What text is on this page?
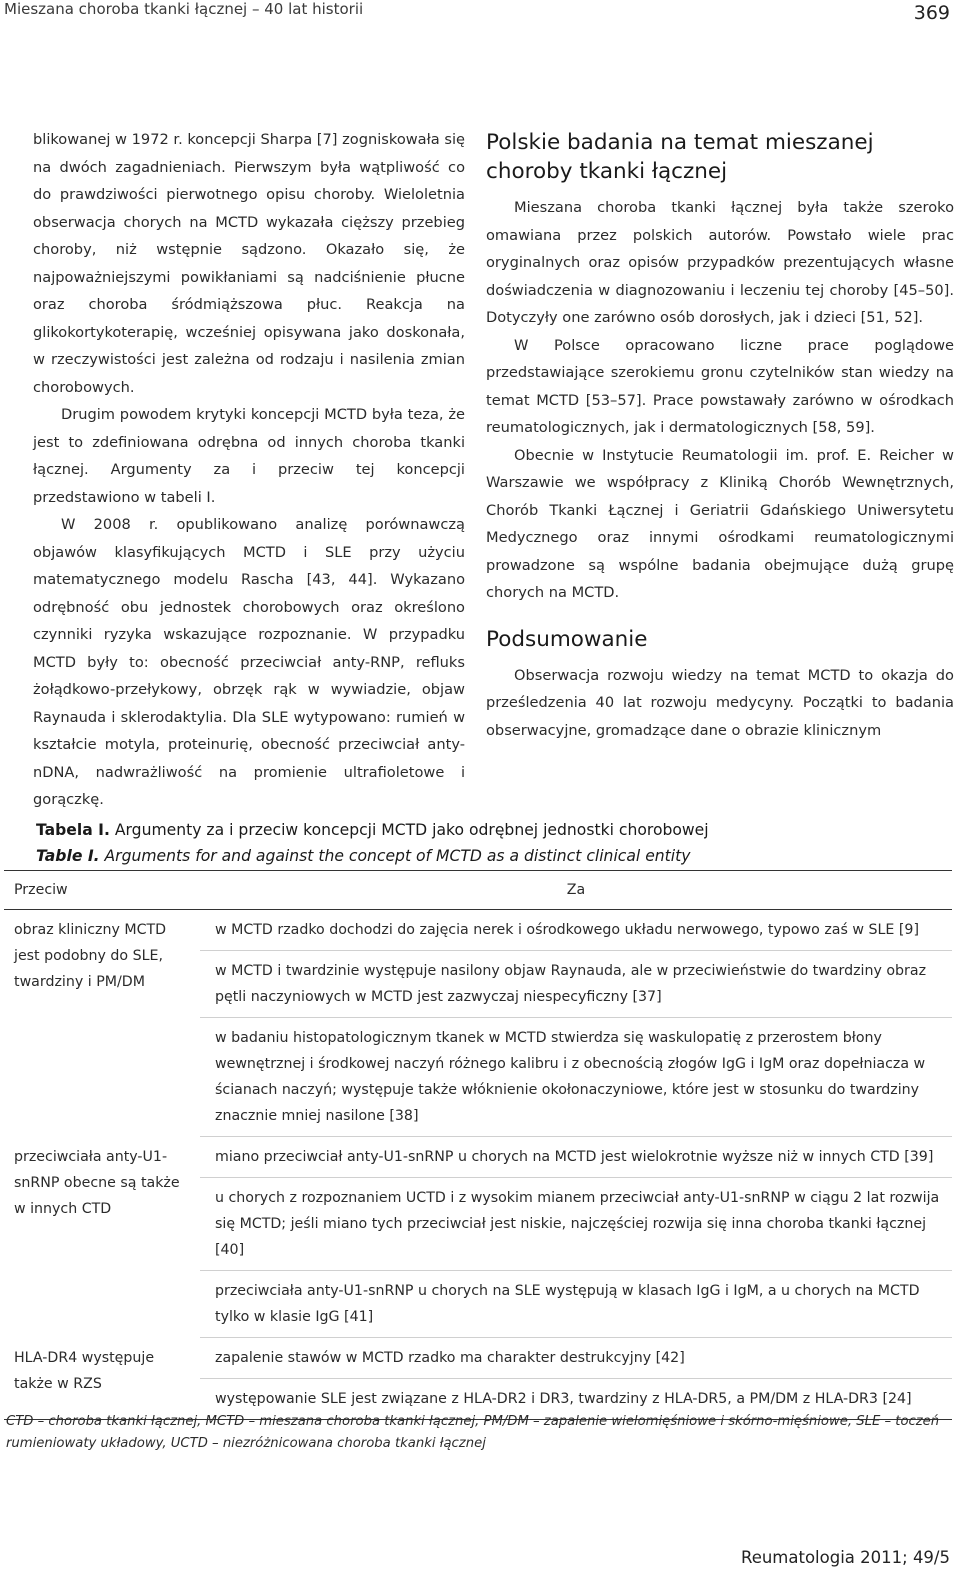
Mieszana choroba tkanki łącznej – 40 lat historii	369

blikowanej w 1972 r. koncepcji Sharpa [7] zogniskowała się na dwóch zagadnieniach. Pierwszym była wątpliwość co do prawdziwości pierwotnego opisu choroby. Wieloletnia obserwacja chorych na MCTD wykazała cięższy przebieg choroby, niż wstępnie sądzono. Okazało się, że najpoważniejszymi powikłaniami są nadciśnienie płucne oraz choroba śródmiąższowa płuc. Reakcja na glikokortykoterapię, wcześniej opisywana jako doskonała, w rzeczywistości jest zależna od rodzaju i nasilenia zmian chorobowych.

Drugim powodem krytyki koncepcji MCTD była teza, że jest to zdefiniowana odrębna od innych choroba tkanki łącznej. Argumenty za i przeciw tej koncepcji przedstawiono w tabeli I.

W 2008 r. opublikowano analizę porównawczą objawów klasyfikujących MCTD i SLE przy użyciu matematycznego modelu Rascha [43, 44]. Wykazano odrębność obu jednostek chorobowych oraz określono czynniki ryzyka wskazujące rozpoznanie. W przypadku MCTD były to: obecność przeciwciał anty-RNP, refluks żołądkowo-przełykowy, obrzęk rąk w wywiadzie, objaw Raynauda i sklerodaktylia. Dla SLE wytypowano: rumień w kształcie motyla, proteinurię, obecność przeciwciał anty-nDNA, nadwrażliwość na promienie ultrafioletowe i gorączkę.

Polskie badania na temat mieszanej choroby tkanki łącznej

Mieszana choroba tkanki łącznej była także szeroko omawiana przez polskich autorów. Powstało wiele prac oryginalnych oraz opisów przypadków prezentujących własne doświadczenia w diagnozowaniu i leczeniu tej choroby [45–50]. Dotyczyły one zarówno osób dorosłych, jak i dzieci [51, 52].

W Polsce opracowano liczne prace poglądowe przedstawiające szerokiemu gronu czytelników stan wiedzy na temat MCTD [53–57]. Prace powstawały zarówno w ośrodkach reumatologicznych, jak i dermatologicznych [58, 59].

Obecnie w Instytucie Reumatologii im. prof. E. Reicher w Warszawie we współpracy z Kliniką Chorób Wewnętrznych, Chorób Tkanki Łącznej i Geriatrii Gdańskiego Uniwersytetu Medycznego oraz innymi ośrodkami reumatologicznymi prowadzone są wspólne badania obejmujące dużą grupę chorych na MCTD.

Podsumowanie

Obserwacja rozwoju wiedzy na temat MCTD to okazja do prześledzenia 40 lat rozwoju medycyny. Początki to badania obserwacyjne, gromadzące dane o obrazie klinicznym

Tabela I. Argumenty za i przeciw koncepcji MCTD jako odrębnej jednostki chorobowej
Table I. Arguments for and against the concept of MCTD as a distinct clinical entity
Przeciw	Za
obraz kliniczny MCTD jest podobny do SLE, twardziny i PM/DM	w MCTD rzadko dochodzi do zajęcia nerek i ośrodkowego układu nerwowego, typowo zaś w SLE [9]
	w MCTD i twardzinie występuje nasilony objaw Raynauda, ale w przeciwieństwie do twardziny obraz pętli naczyniowych w MCTD jest zazwyczaj niespecyficzny [37]
	w badaniu histopatologicznym tkanek w MCTD stwierdza się waskulopatię z przerostem błony wewnętrznej i środkowej naczyń różnego kalibru i z obecnością złogów IgG i IgM oraz dopełniacza w ścianach naczyń; występuje także włóknienie okołonaczyniowe, które jest w stosunku do twardziny znacznie mniej nasilone [38]
przeciwciała anty-U1-snRNP obecne są także w innych CTD	miano przeciwciał anty-U1-snRNP u chorych na MCTD jest wielokrotnie wyższe niż w innych CTD [39]
	u chorych z rozpoznaniem UCTD i z wysokim mianem przeciwciał anty-U1-snRNP w ciągu 2 lat rozwija się MCTD; jeśli miano tych przeciwciał jest niskie, najczęściej rozwija się inna choroba tkanki łącznej [40]
	przeciwciała anty-U1-snRNP u chorych na SLE występują w klasach IgG i IgM, a u chorych na MCTD tylko w klasie IgG [41]
HLA-DR4 występuje także w RZS	zapalenie stawów w MCTD rzadko ma charakter destrukcyjny [42]
	występowanie SLE jest związane z HLA-DR2 i DR3, twardziny z HLA-DR5, a PM/DM z HLA-DR3 [24]
CTD – choroba tkanki łącznej, MCTD – mieszana choroba tkanki łącznej, PM/DM – zapalenie wielomięśniowe i skórno-mięśniowe, SLE – toczeń rumieniowaty układowy, UCTD – niezróżnicowana choroba tkanki łącznej
Reumatologia 2011; 49/5
